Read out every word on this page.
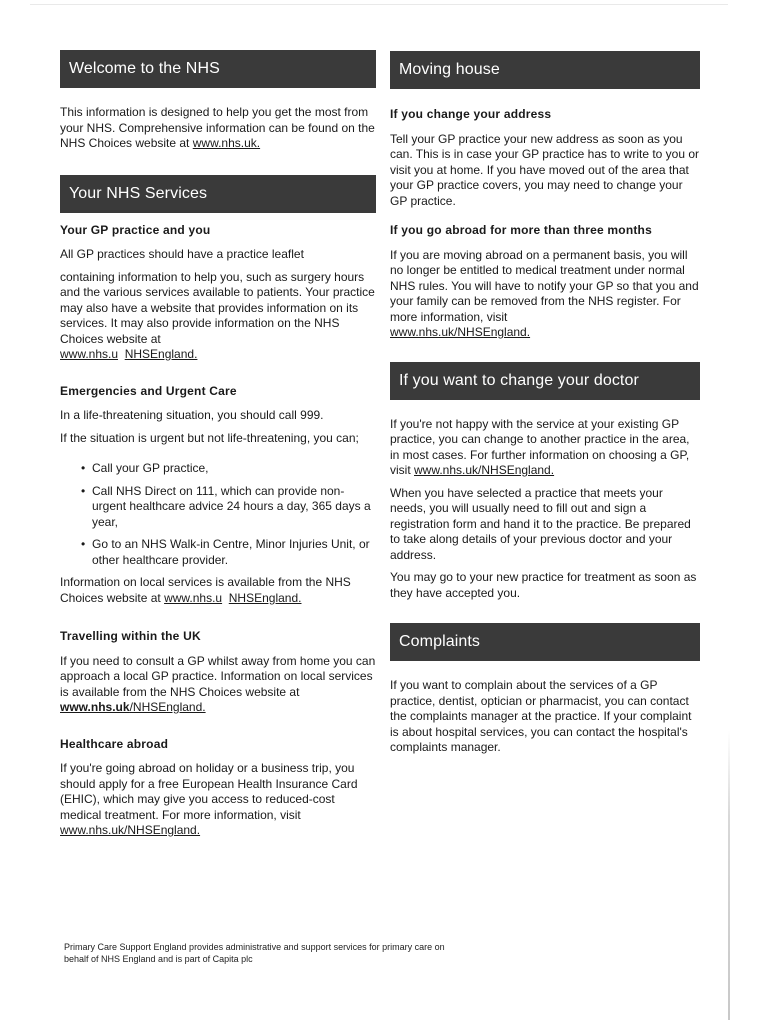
Welcome to the NHS

This information is designed to help you get the most from your NHS. Comprehensive information can be found on the NHS Choices website at www.nhs.uk.

Your NHS Services

Your GP practice and you

All GP practices should have a practice leaflet

containing information to help you, such as surgery hours and the various services available to patients. Your practice may also have a website that provides information on its services. It may also provide information on the NHS Choices website at
www.nhs.u NHSEngland.

Emergencies and Urgent Care

In a life-threatening situation, you should call 999.

If the situation is urgent but not life-threatening, you can;

• Call your GP practice,
• Call NHS Direct on 111, which can provide non- urgent healthcare advice 24 hours a day, 365 days a year,
• Go to an NHS Walk-in Centre, Minor Injuries Unit, or other healthcare provider.

Information on local services is available from the NHS Choices website at www.nhs.u NHSEngland.

Travelling within the UK

If you need to consult a GP whilst away from home you can approach a local GP practice. Information on local services is available from the NHS Choices website at www.nhs.uk/NHSEngland.

Healthcare abroad

If you're going abroad on holiday or a business trip, you should apply for a free European Health Insurance Card (EHIC), which may give you access to reduced-cost medical treatment. For more information, visit www.nhs.uk/NHSEngland.

Moving house

If you change your address

Tell your GP practice your new address as soon as you can. This is in case your GP practice has to write to you or visit you at home. If you have moved out of the area that your GP practice covers, you may need to change your GP practice.

If you go abroad for more than three months

If you are moving abroad on a permanent basis, you will no longer be entitled to medical treatment under normal NHS rules. You will have to notify your GP so that you and your family can be removed from the NHS register. For more information, visit
www.nhs.uk/NHSEngland.

If you want to change your doctor

If you're not happy with the service at your existing GP practice, you can change to another practice in the area, in most cases. For further information on choosing a GP, visit www.nhs.uk/NHSEngland.

When you have selected a practice that meets your needs, you will usually need to fill out and sign a registration form and hand it to the practice. Be prepared to take along details of your previous doctor and your address.

You may go to your new practice for treatment as soon as they have accepted you.

Complaints

If you want to complain about the services of a GP practice, dentist, optician or pharmacist, you can contact the complaints manager at the practice. If your complaint is about hospital services, you can contact the hospital's complaints manager.

Primary Care Support England provides administrative and support services for primary care on behalf of NHS England and is part of Capita plc
